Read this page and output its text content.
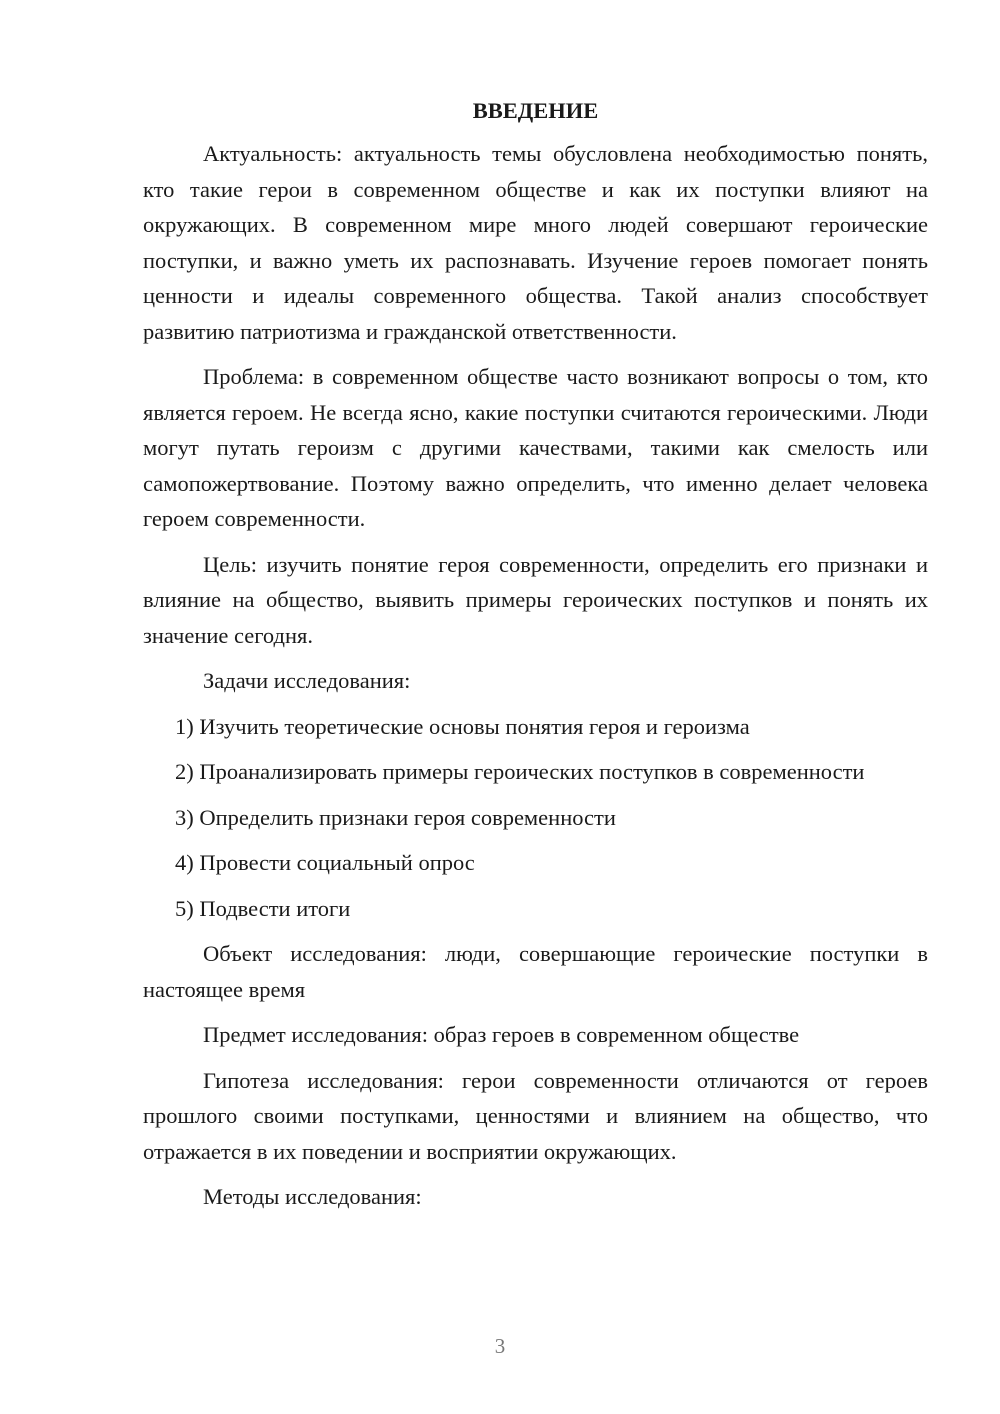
ВВЕДЕНИЕ

Актуальность: актуальность темы обусловлена необходимостью понять, кто такие герои в современном обществе и как их поступки влияют на окружающих. В современном мире много людей совершают героические поступки, и важно уметь их распознавать. Изучение героев помогает понять ценности и идеалы современного общества. Такой анализ способствует развитию патриотизма и гражданской ответственности.

Проблема: в современном обществе часто возникают вопросы о том, кто является героем. Не всегда ясно, какие поступки считаются героическими. Люди могут путать героизм с другими качествами, такими как смелость или самопожертвование. Поэтому важно определить, что именно делает человека героем современности.

Цель: изучить понятие героя современности, определить его признаки и влияние на общество, выявить примеры героических поступков и понять их значение сегодня.

Задачи исследования:

1) Изучить теоретические основы понятия героя и героизма

2) Проанализировать примеры героических поступков в современности

3) Определить признаки героя современности

4) Провести социальный опрос

5) Подвести итоги

Объект исследования: люди, совершающие героические поступки в настоящее время

Предмет исследования: образ героев в современном обществе

Гипотеза исследования: герои современности отличаются от героев прошлого своими поступками, ценностями и влиянием на общество, что отражается в их поведении и восприятии окружающих.

Методы исследования:

3
